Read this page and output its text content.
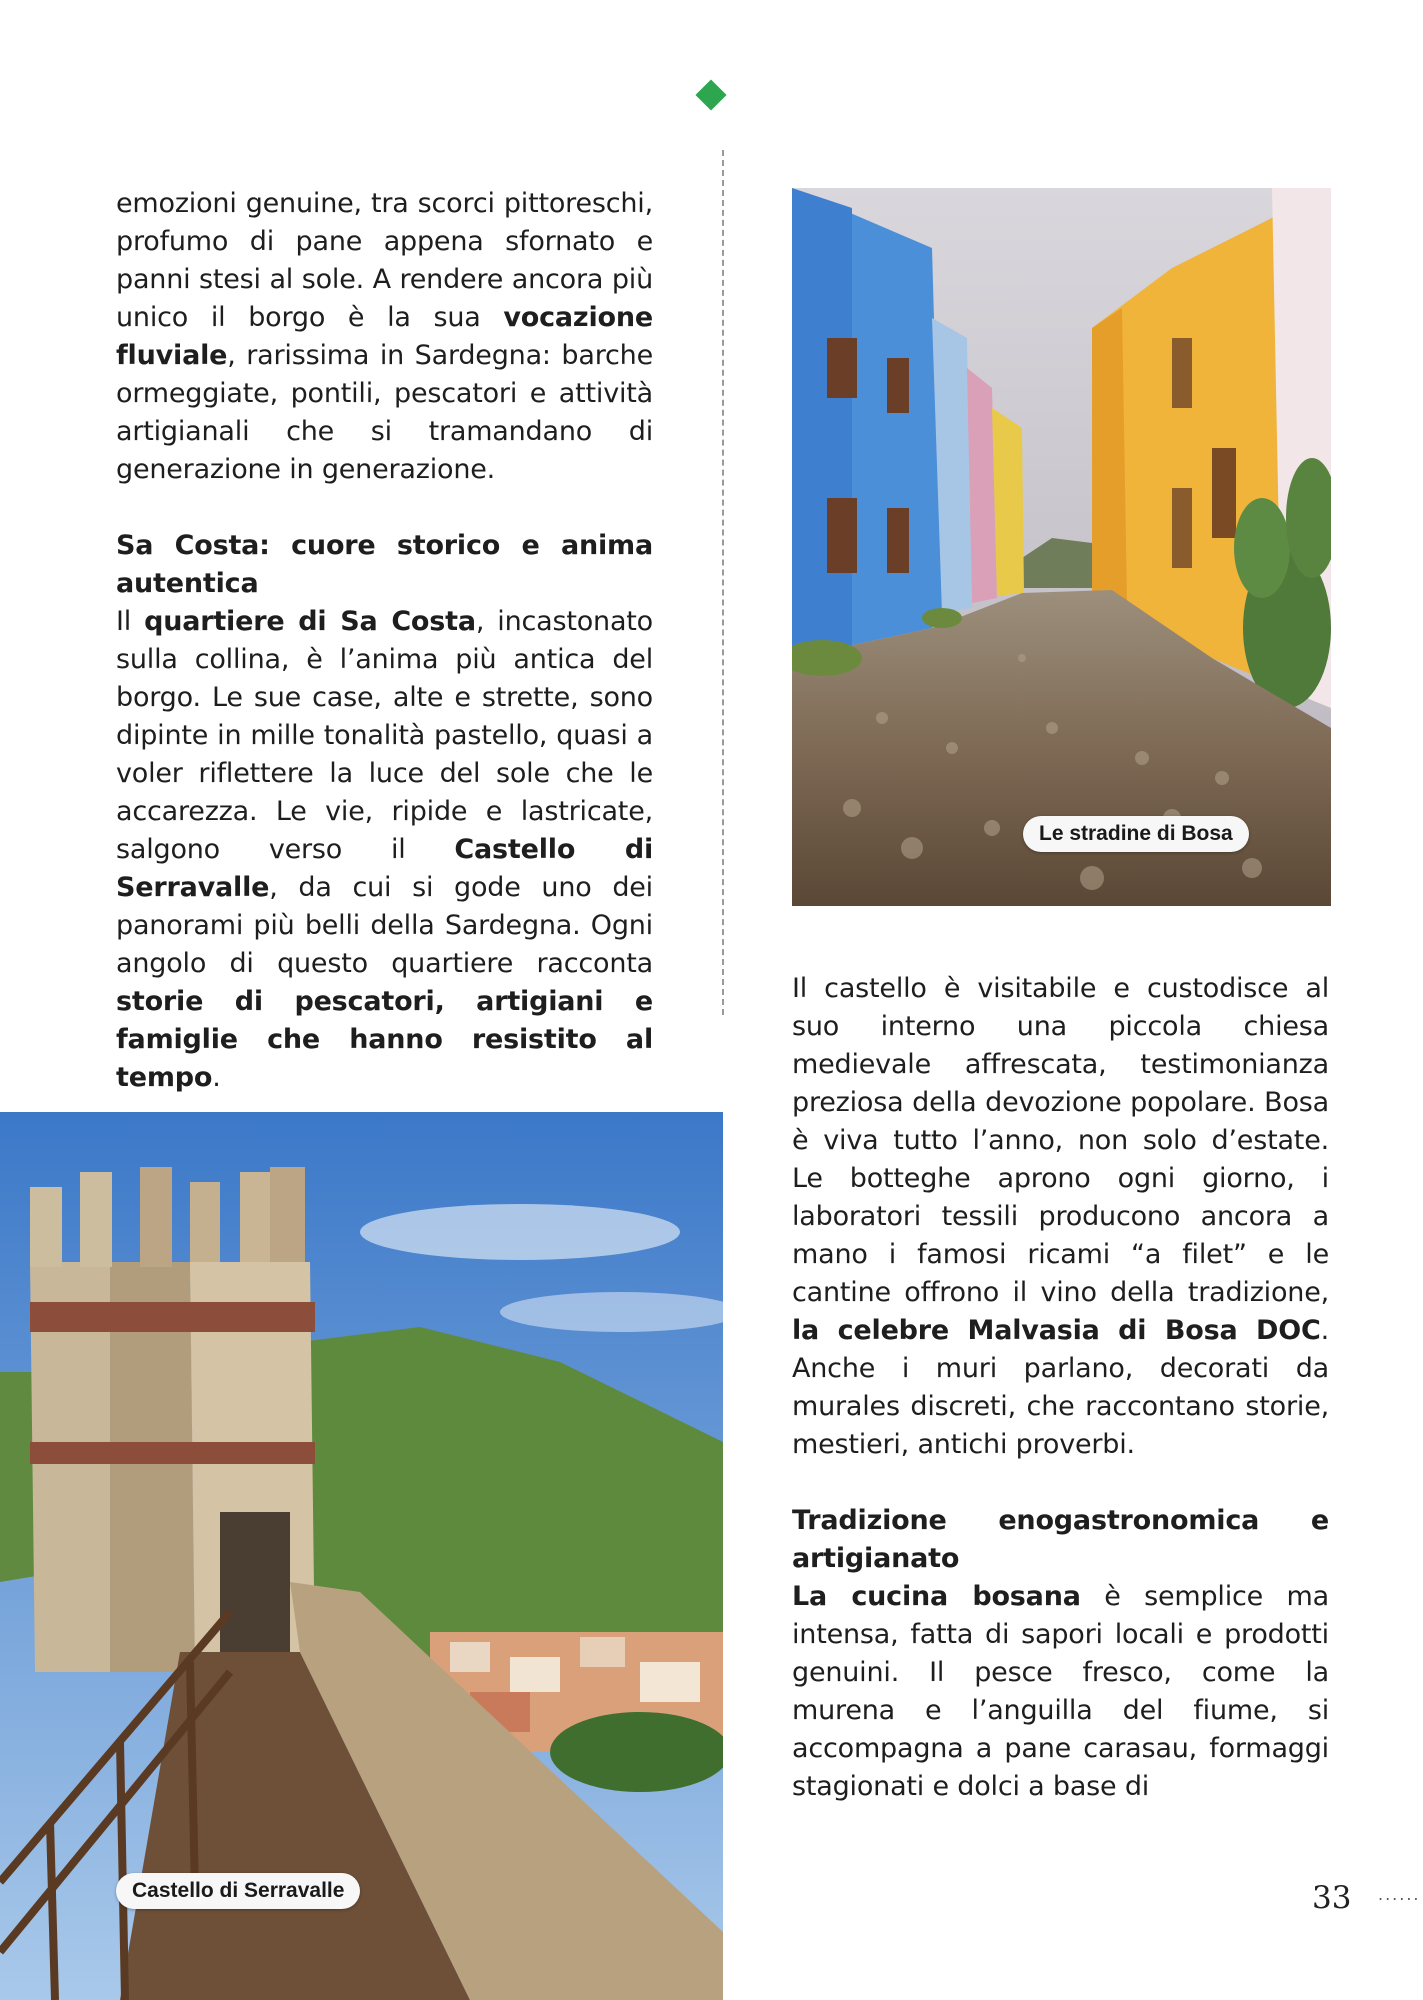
emozioni genuine, tra scorci pittoreschi, profumo di pane appena sfornato e panni stesi al sole. A rendere ancora più unico il borgo è la sua vocazione fluviale, rarissima in Sardegna: barche ormeggiate, pontili, pescatori e attività artigianali che si tramandano di generazione in generazione.

Sa Costa: cuore storico e anima autentica

Il quartiere di Sa Costa, incastonato sulla collina, è l’anima più antica del borgo. Le sue case, alte e strette, sono dipinte in mille tonalità pastello, quasi a voler riflettere la luce del sole che le accarezza. Le vie, ripide e lastricate, salgono verso il Castello di Serravalle, da cui si gode uno dei panorami più belli della Sardegna. Ogni angolo di questo quartiere racconta storie di pescatori, artigiani e famiglie che hanno resistito al tempo.

Le stradine di Bosa

Il castello è visitabile e custodisce al suo interno una piccola chiesa medievale affrescata, testimonianza preziosa della devozione popolare. Bosa è viva tutto l’anno, non solo d’estate. Le botteghe aprono ogni giorno, i laboratori tessili producono ancora a mano i famosi ricami “a filet” e le cantine offrono il vino della tradizione, la celebre Malvasia di Bosa DOC. Anche i muri parlano, decorati da murales discreti, che raccontano storie, mestieri, antichi proverbi.

Tradizione enogastronomica e artigianato

La cucina bosana è semplice ma intensa, fatta di sapori locali e prodotti genuini. Il pesce fresco, come la murena e l’anguilla del fiume, si accompagna a pane carasau, formaggi stagionati e dolci a base di

Castello di Serravalle	33 ......
